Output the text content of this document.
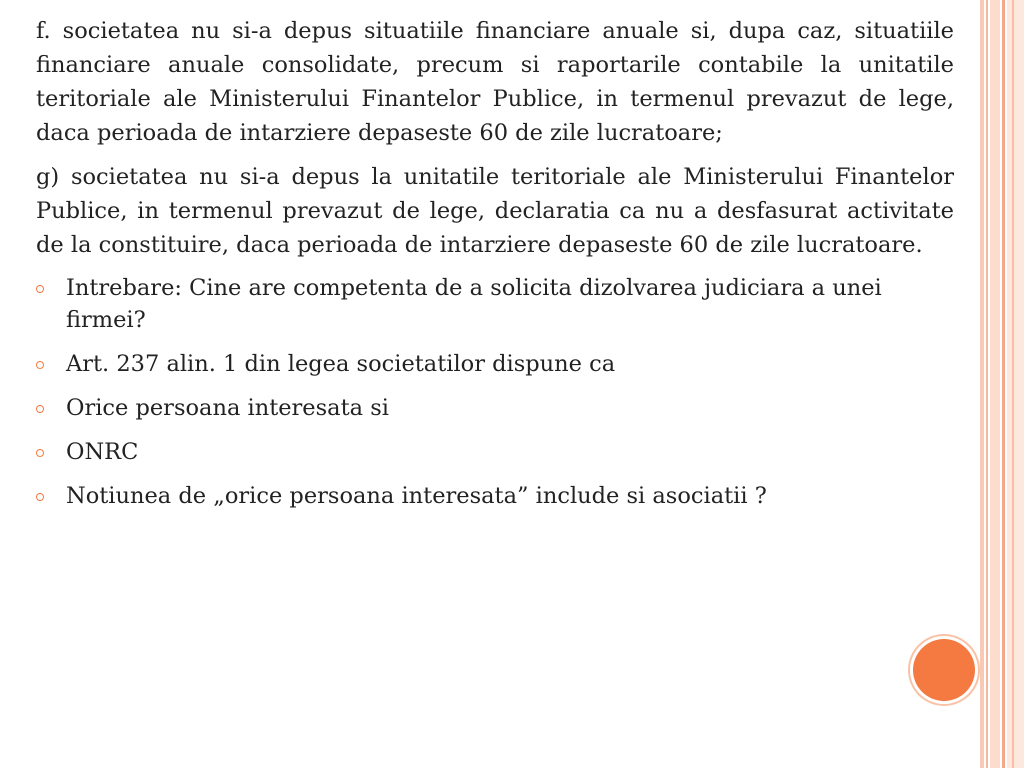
f. societatea nu si-a depus situatiile financiare anuale si, dupa caz, situatiile financiare anuale consolidate, precum si raportarile contabile la unitatile teritoriale ale Ministerului Finantelor Publice, in termenul prevazut de lege, daca perioada de intarziere depaseste 60 de zile lucratoare;

g) societatea nu si-a depus la unitatile teritoriale ale Ministerului Finantelor Publice, in termenul prevazut de lege, declaratia ca nu a desfasurat activitate de la constituire, daca perioada de intarziere depaseste 60 de zile lucratoare.

Intrebare: Cine are competenta de a solicita dizolvarea judiciara a unei firmei?
Art. 237 alin. 1 din legea societatilor dispune ca
Orice persoana interesata si
ONRC
Notiunea de „orice persoana interesata” include si asociatii ?
